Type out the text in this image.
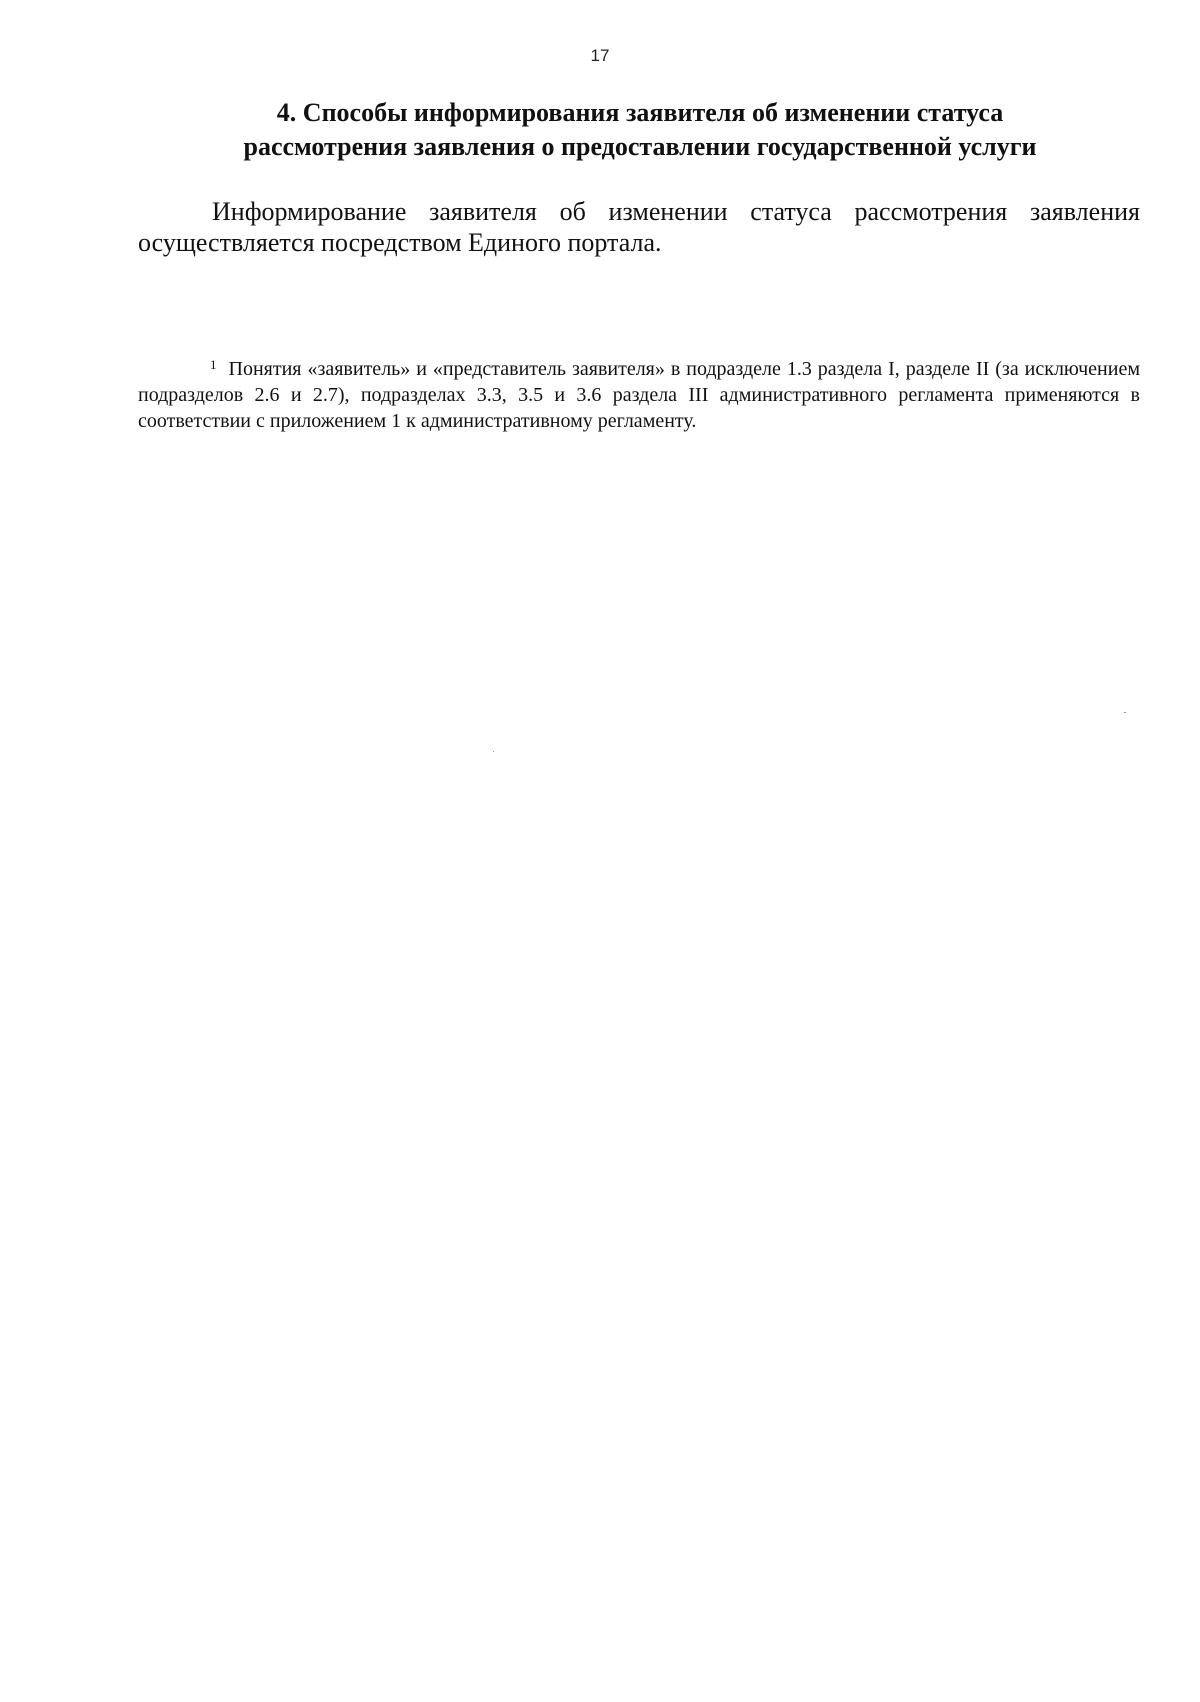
17
4. Способы информирования заявителя об изменении статуса
рассмотрения заявления о предоставлении государственной услуги

Информирование заявителя об изменении статуса рассмотрения заявления осуществляется посредством Единого портала.

$^1$ Понятия «заявитель» и «представитель заявителя» в подразделе 1.3 раздела I, разделе II (за исключением подразделов 2.6 и 2.7), подразделах 3.3, 3.5 и 3.6 раздела III административного регламента применяются в соответствии с приложением 1 к административному регламенту.
